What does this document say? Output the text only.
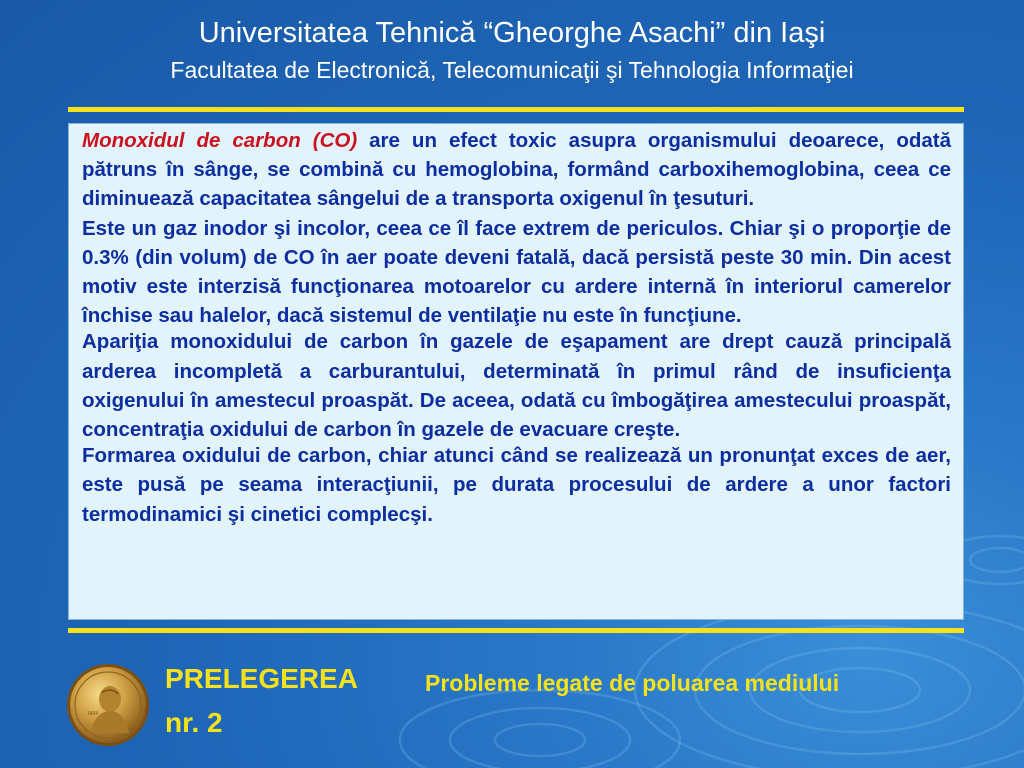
Universitatea Tehnică “Gheorghe Asachi” din Iaşi
Facultatea de Electronică, Telecomunicaţii şi Tehnologia Informaţiei

Monoxidul de carbon (CO) are un efect toxic asupra organismului deoarece, odată pătruns în sânge, se combină cu hemoglobina, formând carboxihemoglobina, ceea ce diminuează capacitatea sângelui de a transporta oxigenul în ţesuturi.

Este un gaz inodor şi incolor, ceea ce îl face extrem de periculos. Chiar şi o proporţie de 0.3% (din volum) de CO în aer poate deveni fatală, dacă persistă peste 30 min. Din acest motiv este interzisă funcţionarea motoarelor cu ardere internă în interiorul camerelor închise sau halelor, dacă sistemul de ventilaţie nu este în funcţiune.

Apariţia monoxidului de carbon în gazele de eşapament are drept cauză principală arderea incompletă a carburantului, determinată în primul rând de insuficienţa oxigenului în amestecul proaspăt. De aceea, odată cu îmbogăţirea amestecului proaspăt, concentraţia oxidului de carbon în gazele de evacuare creşte.

Formarea oxidului de carbon, chiar atunci când se realizează un pronunţat exces de aer, este pusă pe seama interacţiunii, pe durata procesului de ardere a unor factori termodinamici şi cinetici complecşi.

1804
PRELEGEREA
nr. 2
Probleme legate de poluarea mediului
